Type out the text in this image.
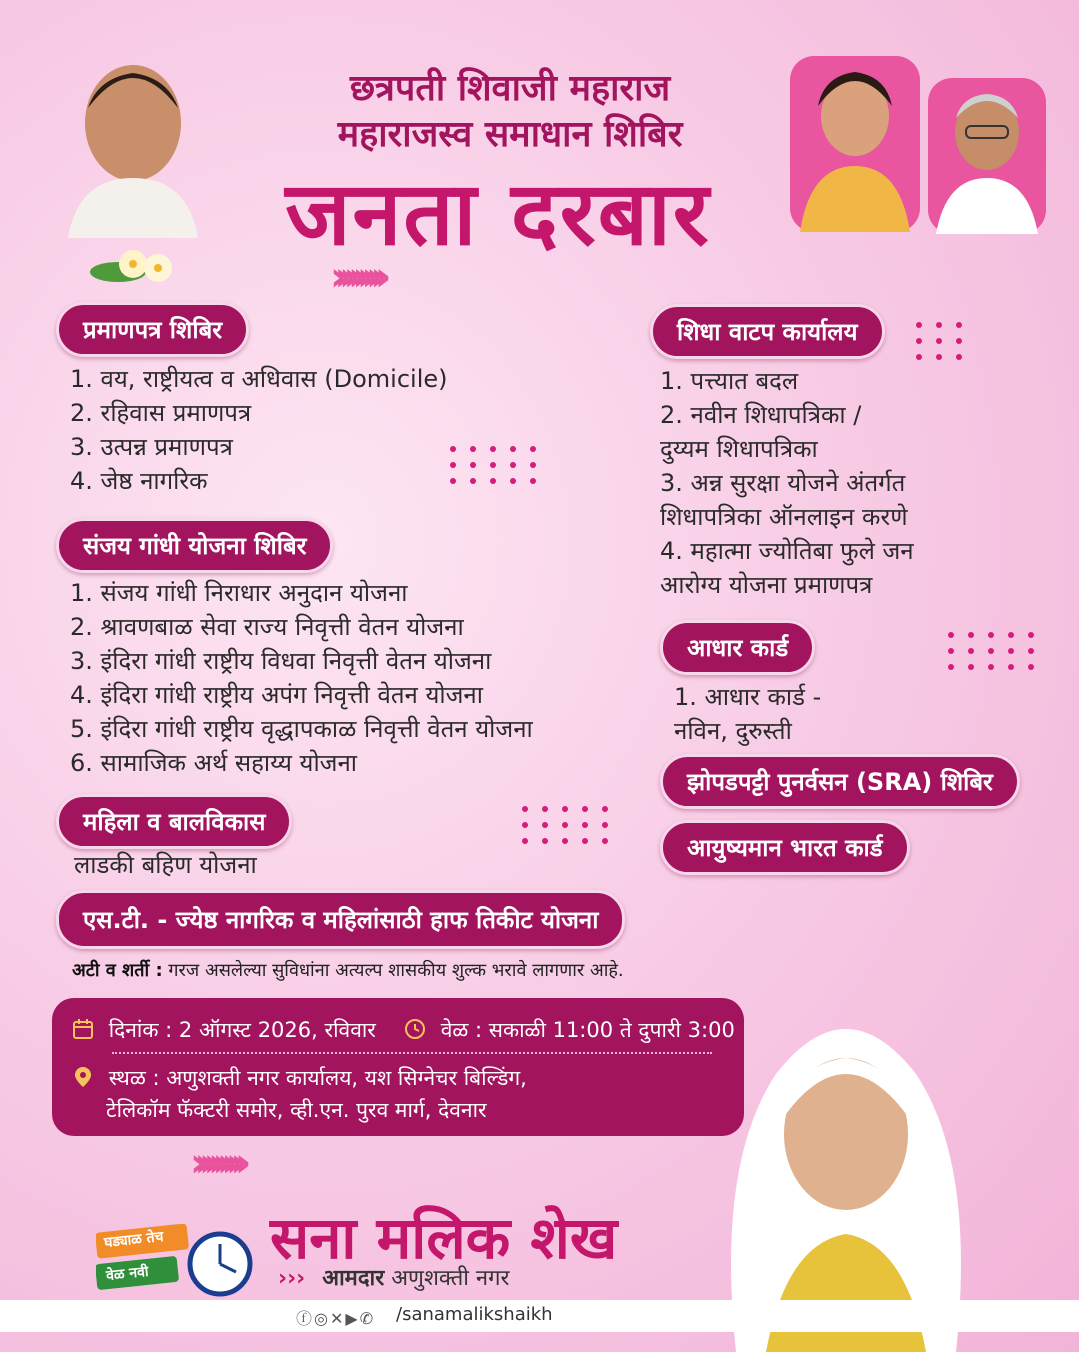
छत्रपती शिवाजी महाराज
महाराजस्व समाधान शिबिर
जनता दरबार
›››››››››››
प्रमाणपत्र शिबिर
1. वय, राष्ट्रीयत्व व अधिवास (Domicile)
2. रहिवास प्रमाणपत्र
3. उत्पन्न प्रमाणपत्र
4. जेष्ठ नागरिक
संजय गांधी योजना शिबिर
1. संजय गांधी निराधार अनुदान योजना
2. श्रावणबाळ सेवा राज्य निवृत्ती वेतन योजना
3. इंदिरा गांधी राष्ट्रीय विधवा निवृत्ती वेतन योजना
4. इंदिरा गांधी राष्ट्रीय अपंग निवृत्ती वेतन योजना
5. इंदिरा गांधी राष्ट्रीय वृद्धापकाळ निवृत्ती वेतन योजना
6. सामाजिक अर्थ सहाय्य योजना
महिला व बालविकास
लाडकी बहिण योजना
शिधा वाटप कार्यालय
1. पत्त्यात बदल
2. नवीन शिधापत्रिका /
दुय्यम शिधापत्रिका
3. अन्न सुरक्षा योजने अंतर्गत
शिधापत्रिका ऑनलाइन करणे
4. महात्मा ज्योतिबा फुले जन
आरोग्य योजना प्रमाणपत्र
आधार कार्ड
1. आधार कार्ड -
नविन, दुरुस्ती
झोपडपट्टी पुनर्वसन (SRA) शिबिर
आयुष्यमान भारत कार्ड
एस.टी. - ज्येष्ठ नागरिक व महिलांसाठी हाफ तिकीट योजना
अटी व शर्ती : गरज असलेल्या सुविधांना अत्यल्प शासकीय शुल्क भरावे लागणार आहे.
दिनांक : 2 ऑगस्ट 2026, रविवार	वेळ : सकाळी 11:00 ते दुपारी 3:00
स्थळ : अणुशक्ती नगर कार्यालय, यश सिग्नेचर बिल्डिंग,
टेलिकॉम फॅक्टरी समोर, व्ही.एन. पुरव मार्ग, देवनार
›››››››››››
घड्याळ तेच
वेळ नवी
सना मलिक शेख
››› आमदार अणुशक्ती नगर
ⓕ◎✕▶✆ /sanamalikshaikh
